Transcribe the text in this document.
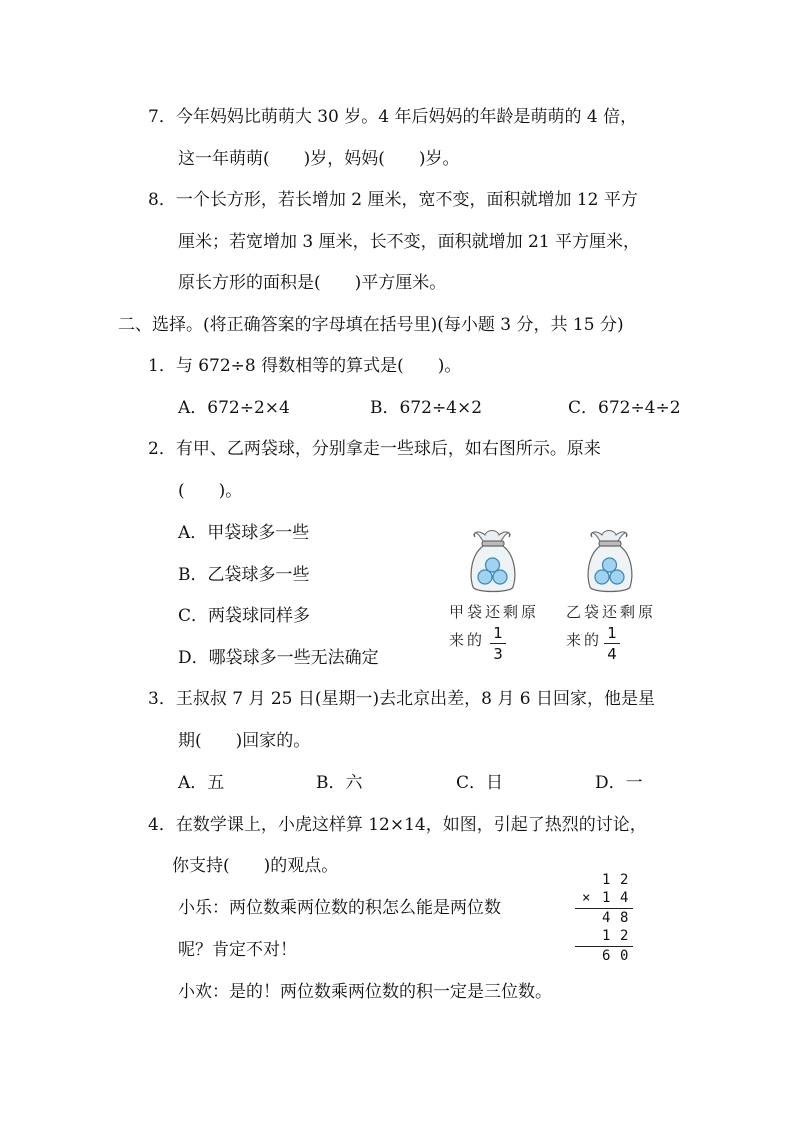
7．今年妈妈比萌萌大 30 岁。4 年后妈妈的年龄是萌萌的 4 倍，
这一年萌萌(　　)岁，妈妈(　　)岁。
8．一个长方形，若长增加 2 厘米，宽不变，面积就增加 12 平方
厘米；若宽增加 3 厘米，长不变，面积就增加 21 平方厘米，
原长方形的面积是(　　)平方厘米。
二、选择。(将正确答案的字母填在括号里)(每小题 3 分，共 15 分)
1．与 672÷8 得数相等的算式是(　　)。
A．672÷2×4	B．672÷4×2	C．672÷4÷2
2．有甲、乙两袋球，分别拿走一些球后，如右图所示。原来
(　　)。
A．甲袋球多一些
B．乙袋球多一些
C．两袋球同样多
D．哪袋球多一些无法确定
甲袋还剩原
来的 1
3
乙袋还剩原
来的 1
4
3．王叔叔 7 月 25 日(星期一)去北京出差，8 月 6 日回家，他是星
期(　　)回家的。
A．五	B．六	C．日	D．一
4．在数学课上，小虎这样算 12×14，如图，引起了热烈的讨论，
你支持(　　)的观点。
小乐：两位数乘两位数的积怎么能是两位数
呢？肯定不对！
小欢：是的！两位数乘两位数的积一定是三位数。
1 2
× 1 4
4 8
1 2
6 0
